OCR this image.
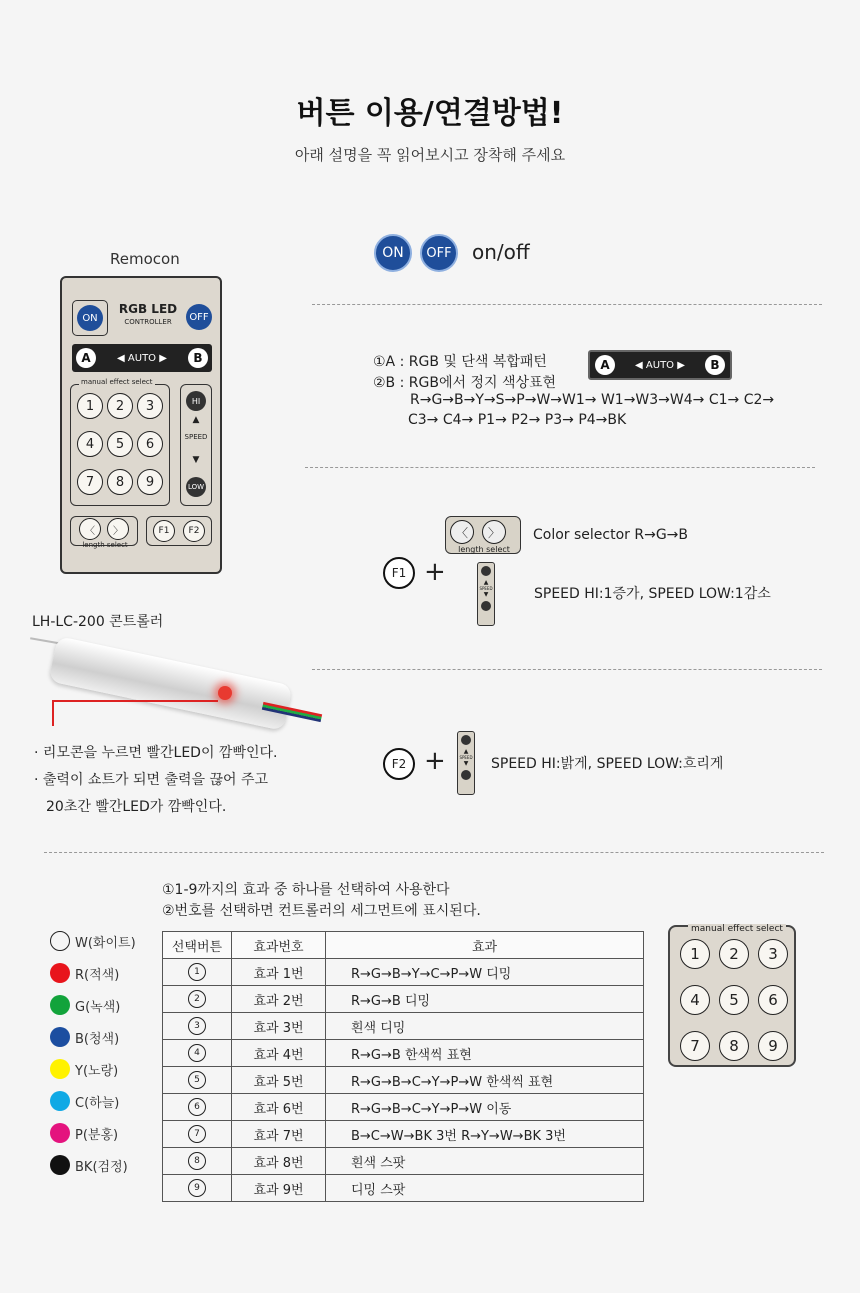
버튼 이용/연결방법!
아래 설명을 꼭 읽어보시고 장착해 주세요
Remocon
ON
RGB LED
CONTROLLER	OFF
A	◀ AUTO ▶	B
manual effect select
1	2	3
4	5	6
7	8	9
HI
▲
SPEED
▼
LOW
〈	〉
length select
F1	F2
ON	OFF	on/off
①A : RGB 및 단색 복합패턴
②B : RGB에서 정지 색상표현
R→G→B→Y→S→P→W→W1→ W1→W3→W4→ C1→ C2→
C3→ C4→ P1→ P2→ P3→ P4→BK
A	◀ AUTO ▶	B
〈 〉
length select
Color selector R→G→B
F1 +	▲
SPEED
▼	SPEED HI:1증가, SPEED LOW:1감소
LH-LC-200 콘트롤러
· 리모콘을 누르면 빨간LED이 깜빡인다.
· 출력이 쇼트가 되면 출력을 끊어 주고
20초간 빨간LED가 깜빡인다.
F2 +	▲
SPEED
▼	SPEED HI:밝게, SPEED LOW:흐리게
①1-9까지의 효과 중 하나를 선택하여 사용한다
②번호를 선택하면 컨트롤러의 세그먼트에 표시된다.
W(화이트)
R(적색)
G(녹색)
B(청색)
Y(노랑)
C(하늘)
P(분홍)
BK(검정)
선택버튼	효과번호	효과
1	효과 1번	R→G→B→Y→C→P→W 디밍
2	효과 2번	R→G→B 디밍
3	효과 3번	흰색 디밍
4	효과 4번	R→G→B 한색씩 표현
5	효과 5번	R→G→B→C→Y→P→W 한색씩 표현
6	효과 6번	R→G→B→C→Y→P→W 이동
7	효과 7번	B→C→W→BK 3번 R→Y→W→BK 3번
8	효과 8번	흰색 스팟
9	효과 9번	디밍 스팟
manual effect select
1	2	3
4	5	6
7	8	9
